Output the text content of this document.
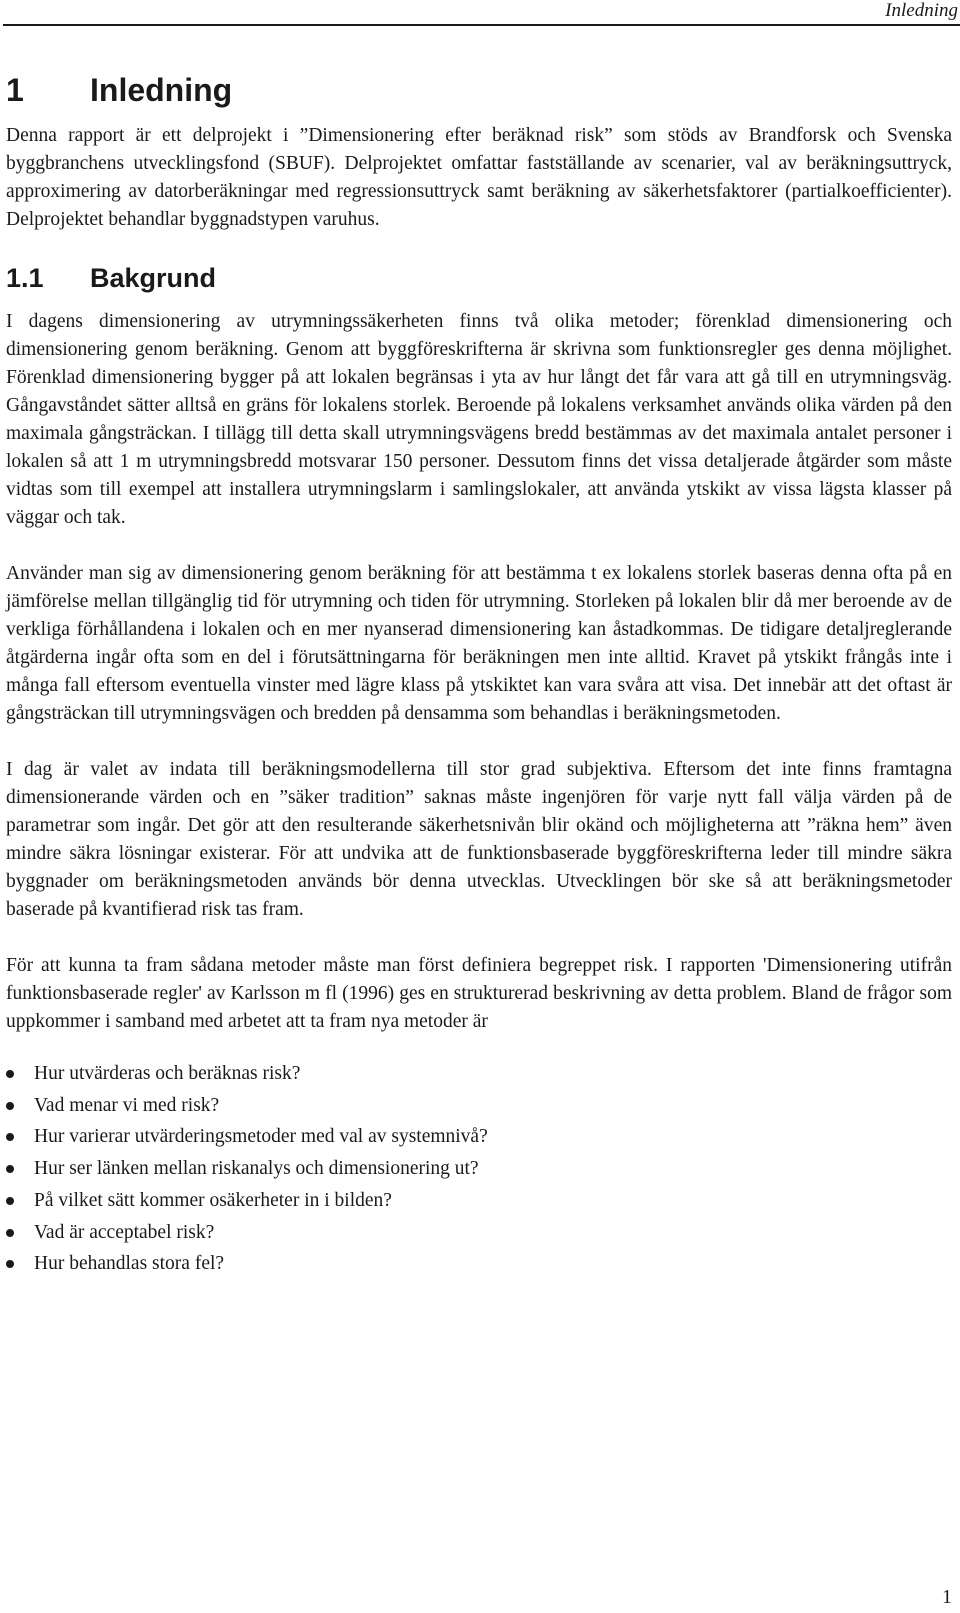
Inledning
1 Inledning

Denna rapport är ett delprojekt i ”Dimensionering efter beräknad risk” som stöds av Brandforsk och Svenska byggbranchens utvecklingsfond (SBUF). Delprojektet omfattar fastställande av scenarier, val av beräkningsuttryck, approximering av datorberäkningar med regressionsuttryck samt beräkning av säkerhetsfaktorer (partialkoefficienter). Delprojektet behandlar byggnadstypen varuhus.

1.1 Bakgrund

I dagens dimensionering av utrymningssäkerheten finns två olika metoder; förenklad dimensionering och dimensionering genom beräkning. Genom att byggföreskrifterna är skrivna som funktionsregler ges denna möjlighet. Förenklad dimensionering bygger på att lokalen begränsas i yta av hur långt det får vara att gå till en utrymningsväg. Gångavståndet sätter alltså en gräns för lokalens storlek. Beroende på lokalens verksamhet används olika värden på den maximala gångsträckan. I tillägg till detta skall utrymningsvägens bredd bestämmas av det maximala antalet personer i lokalen så att 1 m utrymningsbredd motsvarar 150 personer. Dessutom finns det vissa detaljerade åtgärder som måste vidtas som till exempel att installera utrymningslarm i samlingslokaler, att använda ytskikt av vissa lägsta klasser på väggar och tak.

Använder man sig av dimensionering genom beräkning för att bestämma t ex lokalens storlek baseras denna ofta på en jämförelse mellan tillgänglig tid för utrymning och tiden för utrymning. Storleken på lokalen blir då mer beroende av de verkliga förhållandena i lokalen och en mer nyanserad dimensionering kan åstadkommas. De tidigare detaljreglerande åtgärderna ingår ofta som en del i förutsättningarna för beräkningen men inte alltid. Kravet på ytskikt frångås inte i många fall eftersom eventuella vinster med lägre klass på ytskiktet kan vara svåra att visa. Det innebär att det oftast är gångsträckan till utrymningsvägen och bredden på densamma som behandlas i beräkningsmetoden.

I dag är valet av indata till beräkningsmodellerna till stor grad subjektiva. Eftersom det inte finns framtagna dimensionerande värden och en ”säker tradition” saknas måste ingenjören för varje nytt fall välja värden på de parametrar som ingår. Det gör att den resulterande säkerhetsnivån blir okänd och möjligheterna att ”räkna hem” även mindre säkra lösningar existerar. För att undvika att de funktionsbaserade byggföreskrifterna leder till mindre säkra byggnader om beräkningsmetoden används bör denna utvecklas. Utvecklingen bör ske så att beräkningsmetoder baserade på kvantifierad risk tas fram.

För att kunna ta fram sådana metoder måste man först definiera begreppet risk. I rapporten 'Dimensionering utifrån funktionsbaserade regler' av Karlsson m fl (1996) ges en strukturerad beskrivning av detta problem. Bland de frågor som uppkommer i samband med arbetet att ta fram nya metoder är

Hur utvärderas och beräknas risk?
Vad menar vi med risk?
Hur varierar utvärderingsmetoder med val av systemnivå?
Hur ser länken mellan riskanalys och dimensionering ut?
På vilket sätt kommer osäkerheter in i bilden?
Vad är acceptabel risk?
Hur behandlas stora fel?
1
